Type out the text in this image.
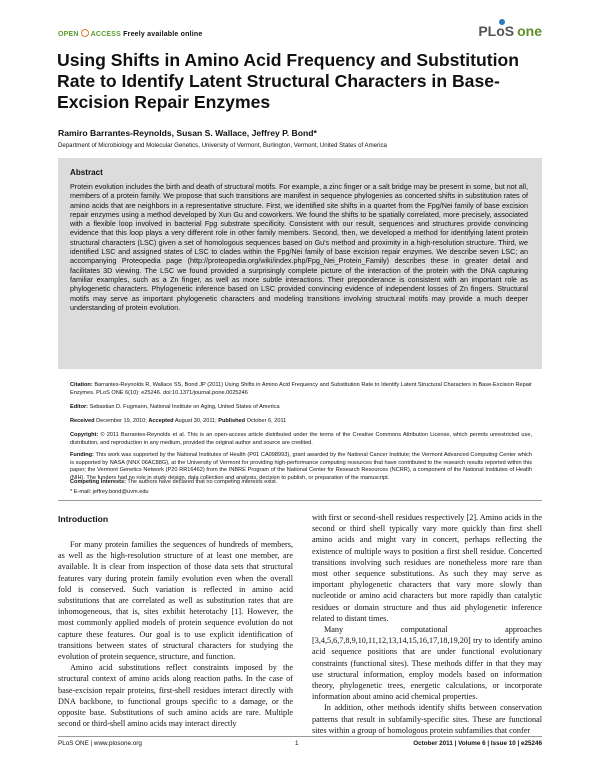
OPEN ACCESS Freely available online	PLoS one
Using Shifts in Amino Acid Frequency and Substitution Rate to Identify Latent Structural Characters in Base-Excision Repair Enzymes
Ramiro Barrantes-Reynolds, Susan S. Wallace, Jeffrey P. Bond*
Department of Microbiology and Molecular Genetics, University of Vermont, Burlington, Vermont, United States of America
Abstract
Protein evolution includes the birth and death of structural motifs. For example, a zinc finger or a salt bridge may be present in some, but not all, members of a protein family. We propose that such transitions are manifest in sequence phylogenies as concerted shifts in substitution rates of amino acids that are neighbors in a representative structure. First, we identified site shifts in a quartet from the Fpg/Nei family of base excision repair enzymes using a method developed by Xun Gu and coworkers. We found the shifts to be spatially correlated, more precisely, associated with a flexible loop involved in bacterial Fpg substrate specificity. Consistent with our result, sequences and structures provide convincing evidence that this loop plays a very different role in other family members. Second, then, we developed a method for identifying latent protein structural characters (LSC) given a set of homologous sequences based on Gu's method and proximity in a high-resolution structure. Third, we identified LSC and assigned states of LSC to clades within the Fpg/Nei family of base excision repair enzymes. We describe seven LSC; an accompanying Proteopedia page (http://proteopedia.org/wiki/index.php/Fpg_Nei_Protein_Family) describes these in greater detail and facilitates 3D viewing. The LSC we found provided a surprisingly complete picture of the interaction of the protein with the DNA capturing familiar examples, such as a Zn finger, as well as more subtle interactions. Their preponderance is consistent with an important role as phylogenetic characters. Phylogenetic inference based on LSC provided convincing evidence of independent losses of Zn fingers. Structural motifs may serve as important phylogenetic characters and modeling transitions involving structural motifs may provide a much deeper understanding of protein evolution.
Citation: Barrantes-Reynolds R, Wallace SS, Bond JP (2011) Using Shifts in Amino Acid Frequency and Substitution Rate to Identify Latent Structural Characters in Base-Excision Repair Enzymes. PLoS ONE 6(10): e25246. doi:10.1371/journal.pone.0025246
Editor: Sebastian D. Fugmann, National Institute on Aging, United States of America
Received December 19, 2010; Accepted August 30, 2011; Published October 6, 2011
Copyright: © 2011 Barrantes-Reynolds et al. This is an open-access article distributed under the terms of the Creative Commons Attribution License, which permits unrestricted use, distribution, and reproduction in any medium, provided the original author and source are credited.
Funding: This work was supported by the National Institutes of Health (P01 CA098993), grant awarded by the National Cancer Institute; the Vermont Advanced Computing Center which is supported by NASA (NNX 06AC88G), at the University of Vermont for providing high-performance computing resources that have contributed to the research results reported within this paper; the Vermont Genetics Network (P20 RR16462) from the INBRE Program of the National Center for Research Resources (NCRR), a component of the National Institutes of Health (NIH). The funders had no role in study design, data collection and analysis, decision to publish, or preparation of the manuscript.
Competing Interests: The authors have declared that no competing interests exist.
* E-mail: jeffrey.bond@uvm.edu
Introduction

For many protein families the sequences of hundreds of members, as well as the high-resolution structure of at least one member, are available. It is clear from inspection of those data sets that structural features vary during protein family evolution even when the overall fold is conserved. Such variation is reflected in amino acid substitutions that are correlated as well as substitution rates that are inhomogeneous, that is, sites exhibit heterotachy [1]. However, the most commonly applied models of protein sequence evolution do not capture these features. Our goal is to use explicit identification of transitions between states of structural characters for studying the evolution of protein sequence, structure, and function.

Amino acid substitutions reflect constraints imposed by the structural context of amino acids along reaction paths. In the case of base-excision repair proteins, first-shell residues interact directly with DNA backbone, to functional groups specific to a damage, or the opposite base. Substitutions of such amino acids are rare. Multiple second or third-shell amino acids may interact directly

with first or second-shell residues respectively [2]. Amino acids in the second or third shell typically vary more quickly than first shell amino acids and might vary in concert, perhaps reflecting the existence of multiple ways to position a first shell residue. Concerted transitions involving such residues are nonetheless more rare than most other sequence substitutions. As such they may serve as important phylogenetic characters that vary more slowly than nucleotide or amino acid characters but more rapidly than catalytic residues or domain structure and thus aid phylogenetic inference related to distant times.

Many computational approaches [3,4,5,6,7,8,9,10,11,12,13,14,15,16,17,18,19,20] try to identify amino acid sequence positions that are under functional evolutionary constraints (functional sites). These methods differ in that they may use structural information, employ models based on information theory, phylogenetic trees, energetic calculations, or incorporate information about amino acid chemical properties.

In addition, other methods identify shifts between conservation patterns that result in subfamily-specific sites. These are functional sites within a group of homologous protein subfamilies that confer

PLoS ONE | www.plosone.org	1	October 2011 | Volume 6 | Issue 10 | e25246
